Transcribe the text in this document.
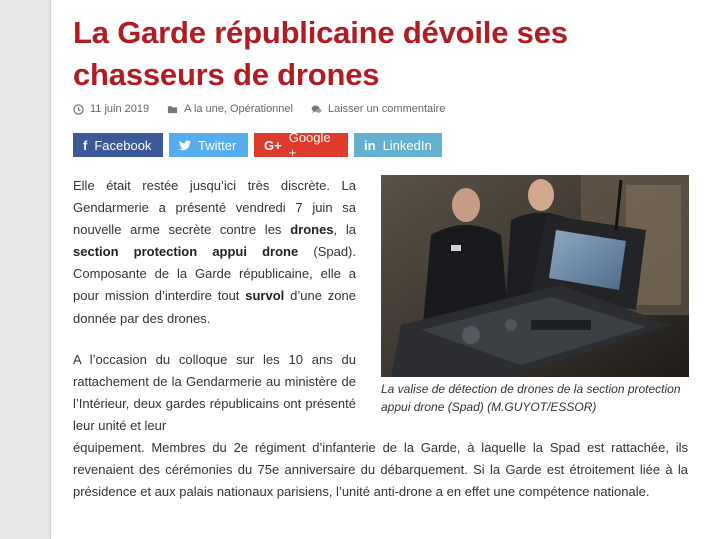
La Garde républicaine dévoile ses chasseurs de drones
11 juin 2019	A la une, Opérationnel	Laisser un commentaire
f Facebook	Twitter G+ Google +	in LinkedIn

Elle était restée jusqu’ici très discrète. La Gendarmerie a présenté vendredi 7 juin sa nouvelle arme secrète contre les drones, la section protection appui drone (Spad). Composante de la Garde républicaine, elle a pour mission d’interdire tout survol d’une zone donnée par des drones.

A l’occasion du colloque sur les 10 ans du rattachement de la Gendarmerie au ministère de l’Intérieur, deux gardes républicains ont présenté leur unité et leur

équipement. Membres du 2e régiment d’infanterie de la Garde, à laquelle la Spad est rattachée, ils revenaient des cérémonies du 75e anniversaire du débarquement. Si la Garde est étroitement liée à la présidence et aux palais nationaux parisiens, l’unité anti-drone a en effet une compétence nationale.

La valise de détection de drones de la section protection appui drone (Spad) (M.GUYOT/ESSOR)
